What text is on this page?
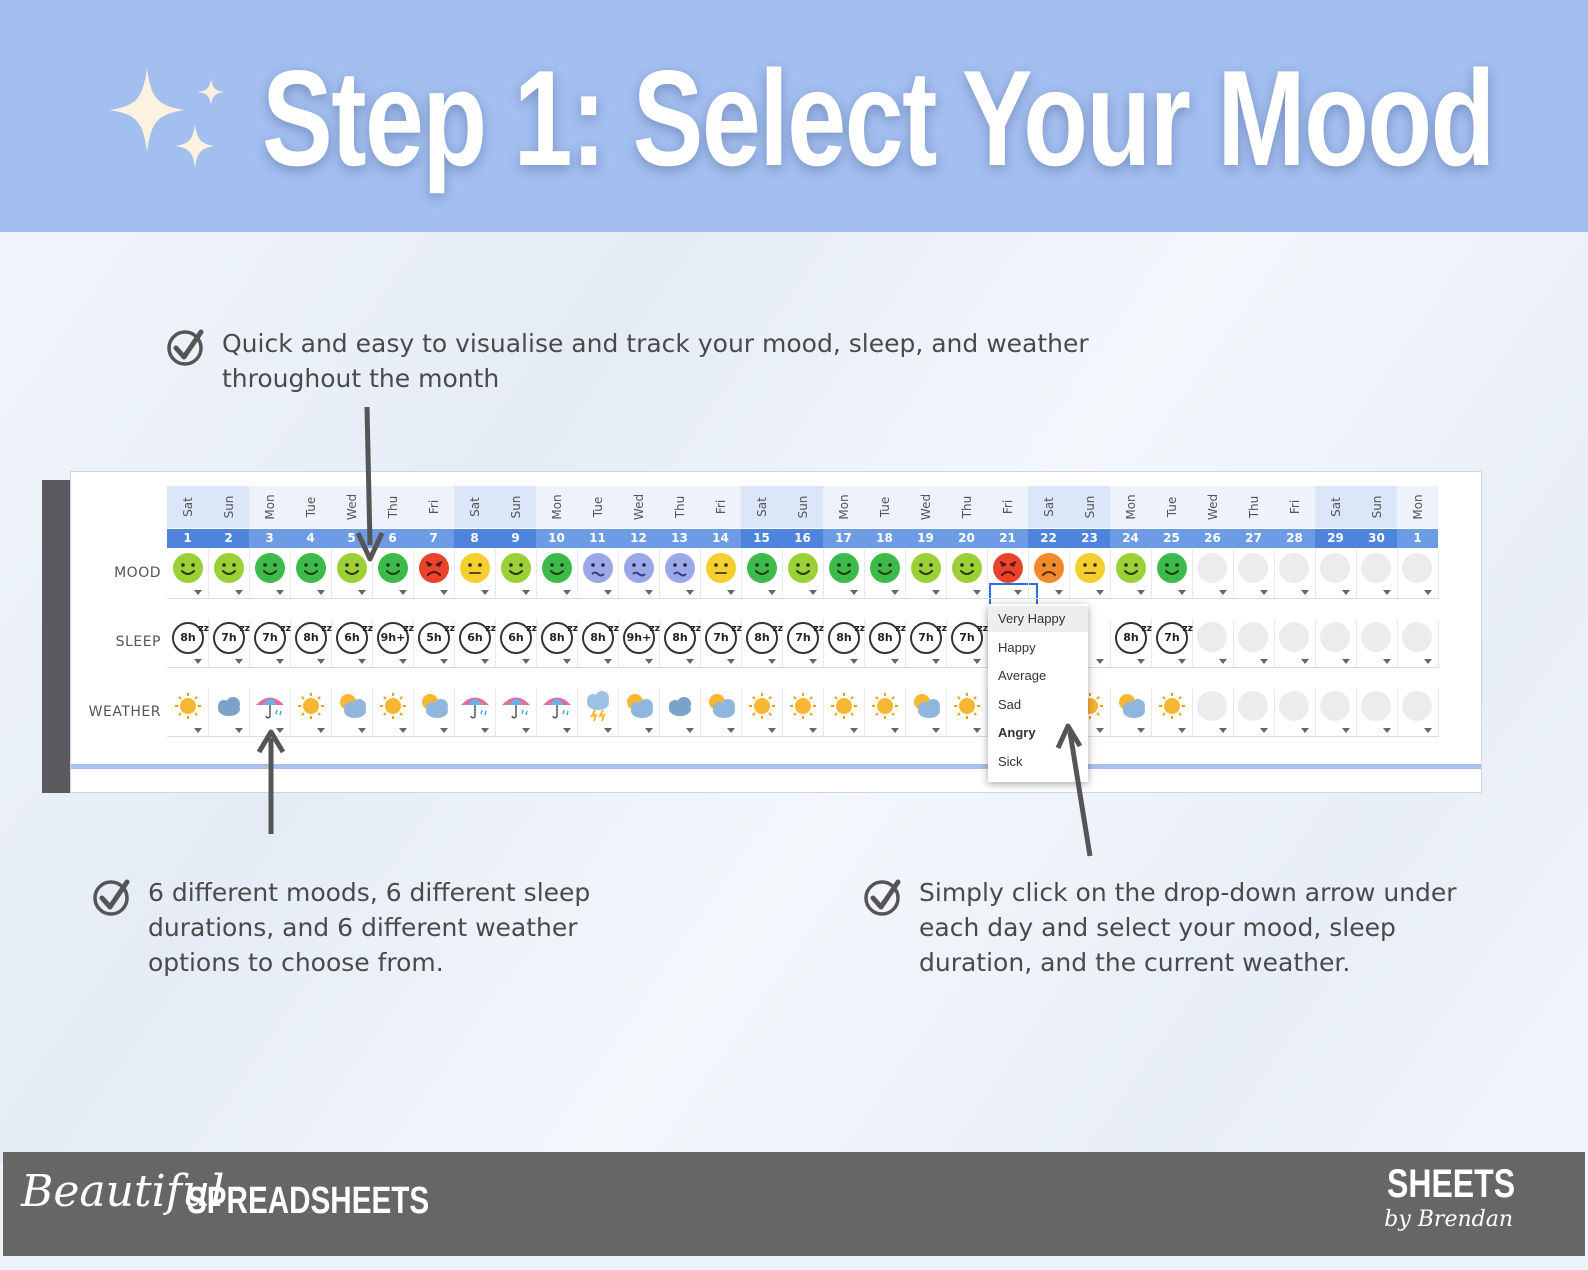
Step 1: Select Your Mood
Quick and easy to visualise and track your mood, sleep, and weather throughout the month
6 different moods, 6 different sleep durations, and 6 different weather options to choose from.
Simply click on the drop-down arrow under each day and select your mood, sleep duration, and the current weather.
MOOD
SLEEP
WEATHER
Sat
1
8h
zz
Sun
2
7h
zz
Mon
3
7h
zz
Tue
4
8h
zz
Wed
5
6h
zz
Thu
6
9h+
zz
Fri
7
5h
zz
Sat
8
6h
zz
Sun
9
6h
zz
Mon
10
8h
zz
Tue
11
8h
zz
Wed
12
9h+
zz
Thu
13
8h
zz
Fri
14
7h
zz
Sat
15
8h
zz
Sun
16
7h
zz
Mon
17
8h
zz
Tue
18
8h
zz
Wed
19
7h
zz
Thu
20
7h
zz
Fri
21
Sat
22
Sun
23
Mon
24
8h
zz
Tue
25
7h
zz
Wed
26
Thu
27
Fri
28
Sat
29
Sun
30
Mon
1
Very Happy
Happy
Average
Sad
Angry
Sick
Beautiful
SPREADSHEETS	SHEETS
by Brendan
